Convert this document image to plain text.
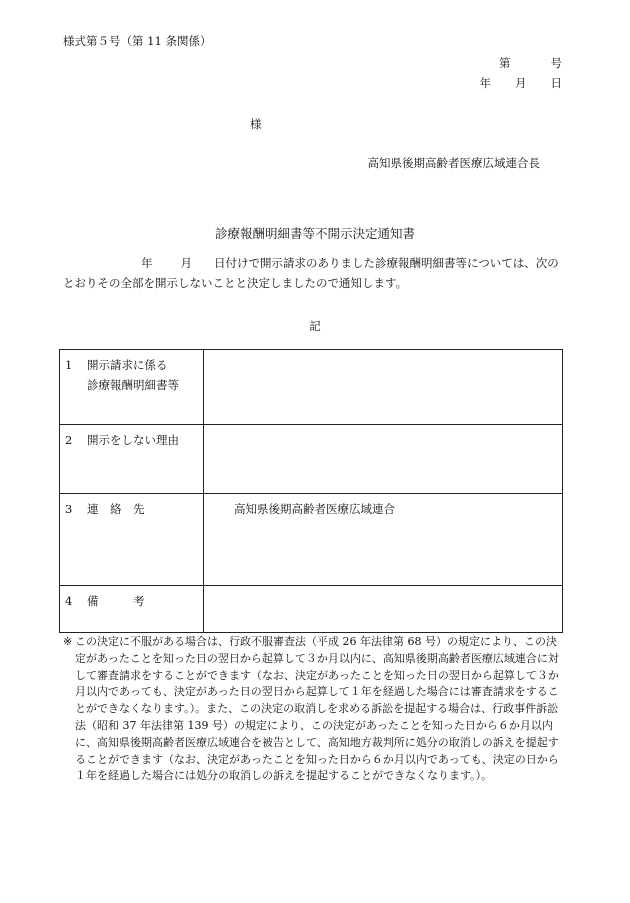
様式第５号（第 11 条関係）
第	号
年 月 日
様
高知県後期高齢者医療広域連合長
診療報酬明細書等不開示決定通知書
年 月 日付けで開示請求のありました診療報酬明細書等については、次のとおりその全部を開示しないことと決定しましたので通知します。
記
1 開示請求に係る
診療報酬明細書等	

2 開示をしない理由	

3 連　絡　先	高知県後期高齢者医療広域連合

4 備　　　考	

※ この決定に不服がある場合は、行政不服審査法（平成 26 年法律第 68 号）の規定により、この決定があったことを知った日の翌日から起算して３か月以内に、高知県後期高齢者医療広域連合に対して審査請求をすることができます（なお、決定があったことを知った日の翌日から起算して３か月以内であっても、決定があった日の翌日から起算して１年を経過した場合には審査請求をすることができなくなります。）。また、この決定の取消しを求める訴訟を提起する場合は、行政事件訴訟法（昭和 37 年法律第 139 号）の規定により、この決定があったことを知った日から６か月以内に、高知県後期高齢者医療広域連合を被告として、高知地方裁判所に処分の取消しの訴えを提起することができます（なお、決定があったことを知った日から６か月以内であっても、決定の日から１年を経過した場合には処分の取消しの訴えを提起することができなくなります。）。
